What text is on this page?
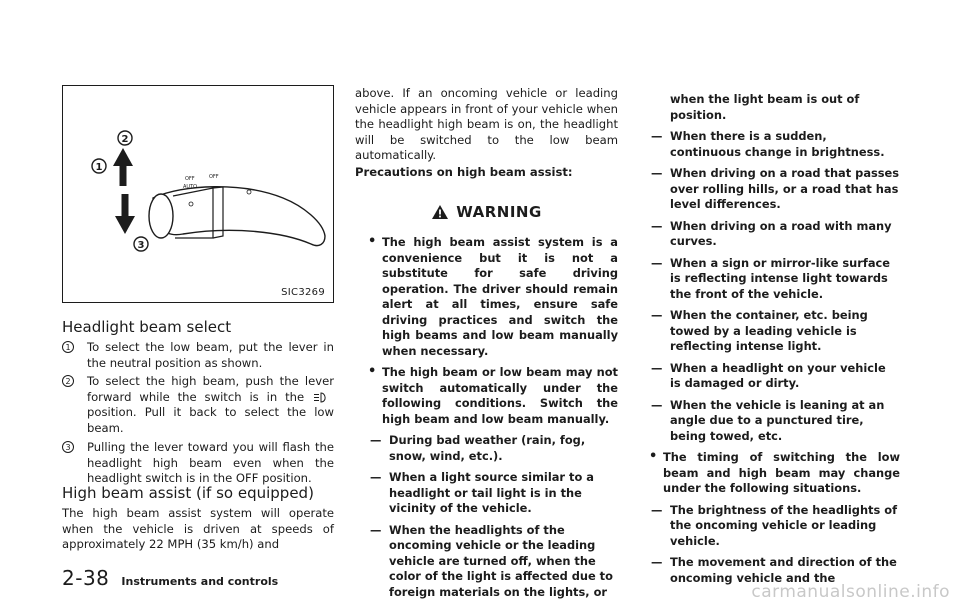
OFF
AUTO
OFF
2
1
3
SIC3269
Headlight beam select
1 To select the low beam, put the lever in the neutral position as shown.
2 To select the high beam, push the lever forward while the switch is in the  position. Pull it back to select the low beam.
3 Pulling the lever toward you will flash the headlight high beam even when the headlight switch is in the OFF position.
High beam assist (if so equipped)

The high beam assist system will operate when the vehicle is driven at speeds of approximately 22 MPH (35 km/h) and

above. If an oncoming vehicle or leading vehicle appears in front of your vehicle when the headlight high beam is on, the headlight will be switched to the low beam automatically.

Precautions on high beam assist:

WARNING
• The high beam assist system is a convenience but it is not a substitute for safe driving operation. The driver should remain alert at all times, ensure safe driving practices and switch the high beams and low beam manually when necessary.
• The high beam or low beam may not switch automatically under the following conditions. Switch the high beam and low beam manually.
— During bad weather (rain, fog, snow, wind, etc.).
— When a light source similar to a headlight or tail light is in the vicinity of the vehicle.
— When the headlights of the oncoming vehicle or the leading vehicle are turned off, when the color of the light is affected due to foreign materials on the lights, or
when the light beam is out of position.
— When there is a sudden, continuous change in brightness.
— When driving on a road that passes over rolling hills, or a road that has level differences.
— When driving on a road with many curves.
— When a sign or mirror-like surface is reflecting intense light towards the front of the vehicle.
— When the container, etc. being towed by a leading vehicle is reflecting intense light.
— When a headlight on your vehicle is damaged or dirty.
— When the vehicle is leaning at an angle due to a punctured tire, being towed, etc.
• The timing of switching the low beam and high beam may change under the following situations.
— The brightness of the headlights of the oncoming vehicle or leading vehicle.
— The movement and direction of the oncoming vehicle and the
2-38 Instruments and controls
carmanualsonline.info
